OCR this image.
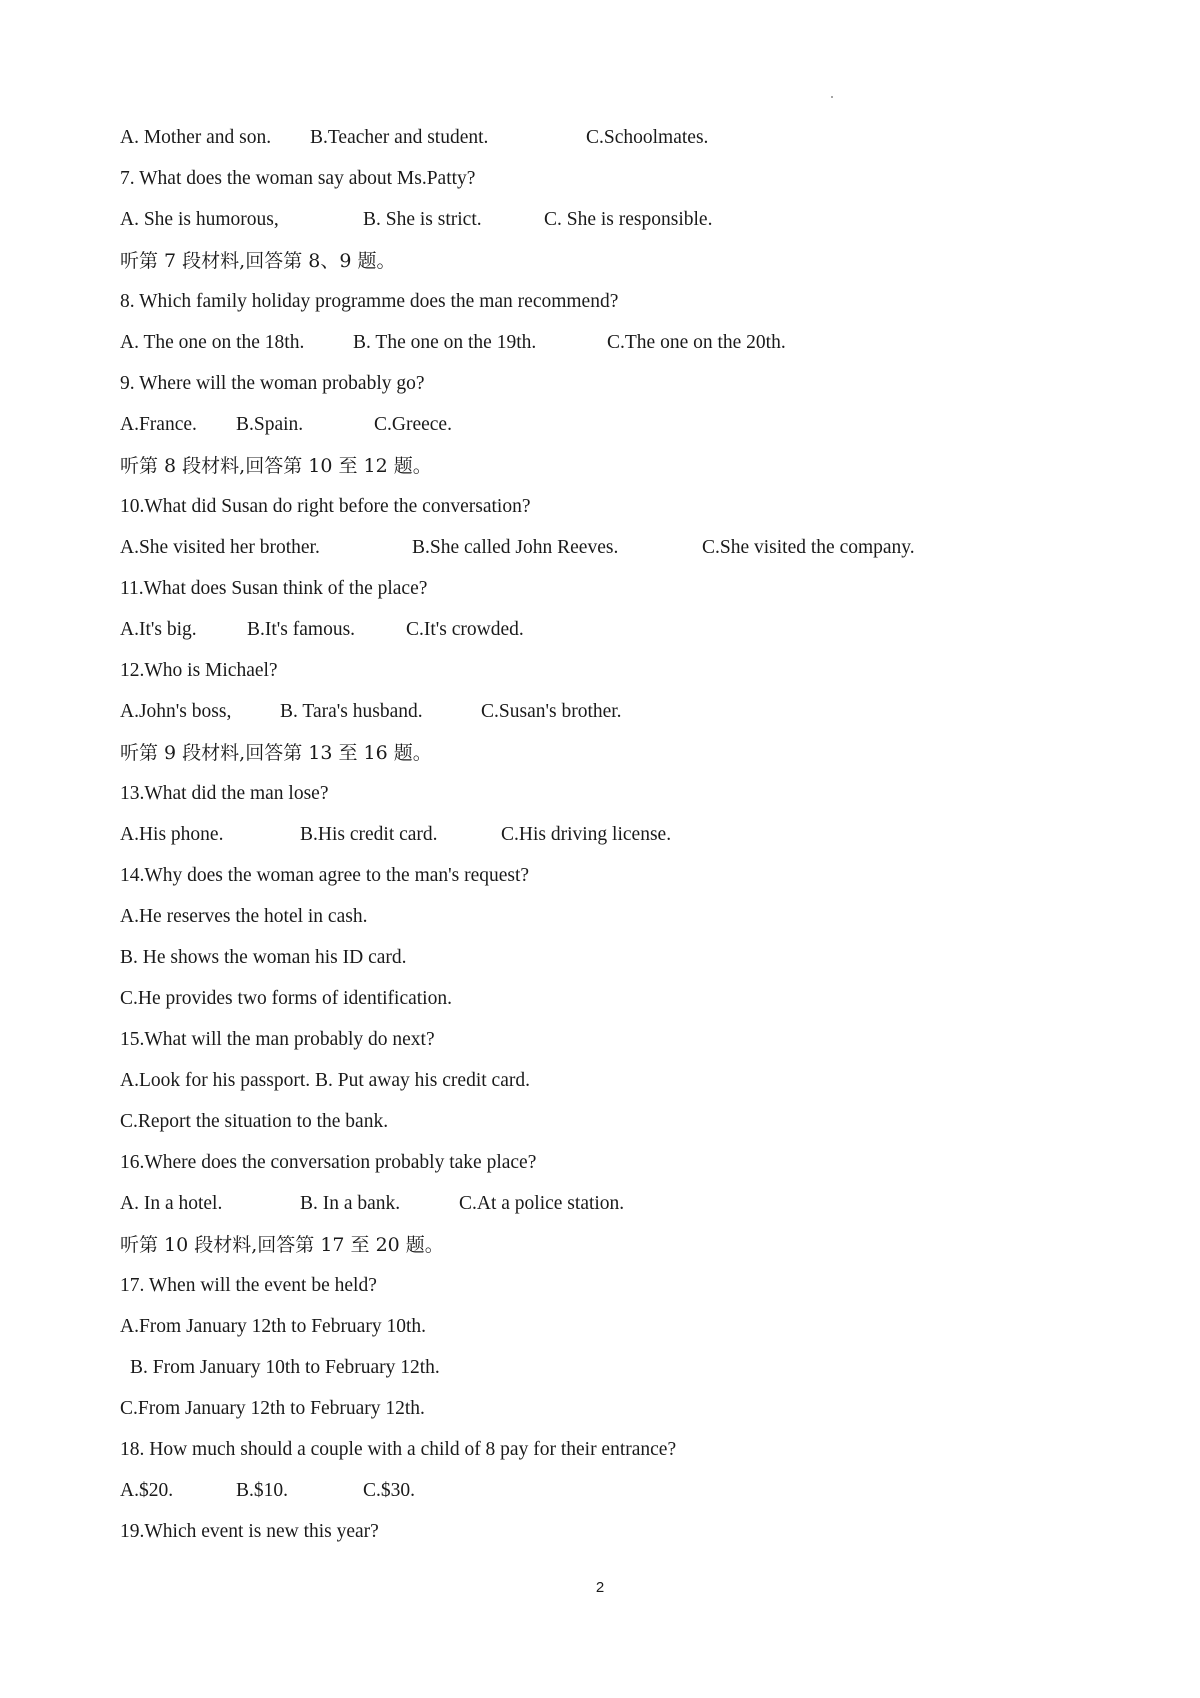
A. Mother and son.

B.Teacher and student.

	C.Schoolmates.

7. What does the woman say about Ms.Patty?

A. She is humorous,

	B. She is strict.

	C. She is responsible.

听第 7 段材料,回答第 8、9 题。
8. Which family holiday programme does the man recommend?

A. The one on the 18th.

B. The one on the 19th.

	C.The one on the 20th.

9. Where will the woman probably go?

A.France.

B.Spain.

	C.Greece.

听第 8 段材料,回答第 10 至 12 题。
10.What did Susan do right before the conversation?

A.She visited her brother.

	B.She called John Reeves.

	C.She visited the company.

11.What does Susan think of the place?

A.It's big.

	B.It's famous.

	C.It's crowded.

12.Who is Michael?

A.John's boss,

B. Tara's husband.

	C.Susan's brother.

听第 9 段材料,回答第 13 至 16 题。
13.What did the man lose?

A.His phone.

	B.His credit card.

	C.His driving license.

14.Why does the woman agree to the man's request?
A.He reserves the hotel in cash.
B. He shows the woman his ID card.
C.He provides two forms of identification.
15.What will the man probably do next?
A.Look for his passport. B. Put away his credit card.
C.Report the situation to the bank.
16.Where does the conversation probably take place?

A. In a hotel.

	B. In a bank.

	C.At a police station.

听第 10 段材料,回答第 17 至 20 题。
17. When will the event be held?
A.From January 12th to February 10th.
B. From January 10th to February 12th.
C.From January 12th to February 12th.
18. How much should a couple with a child of 8 pay for their entrance?

A.$20.

	B.$10.

	C.$30.

19.Which event is new this year?
2
